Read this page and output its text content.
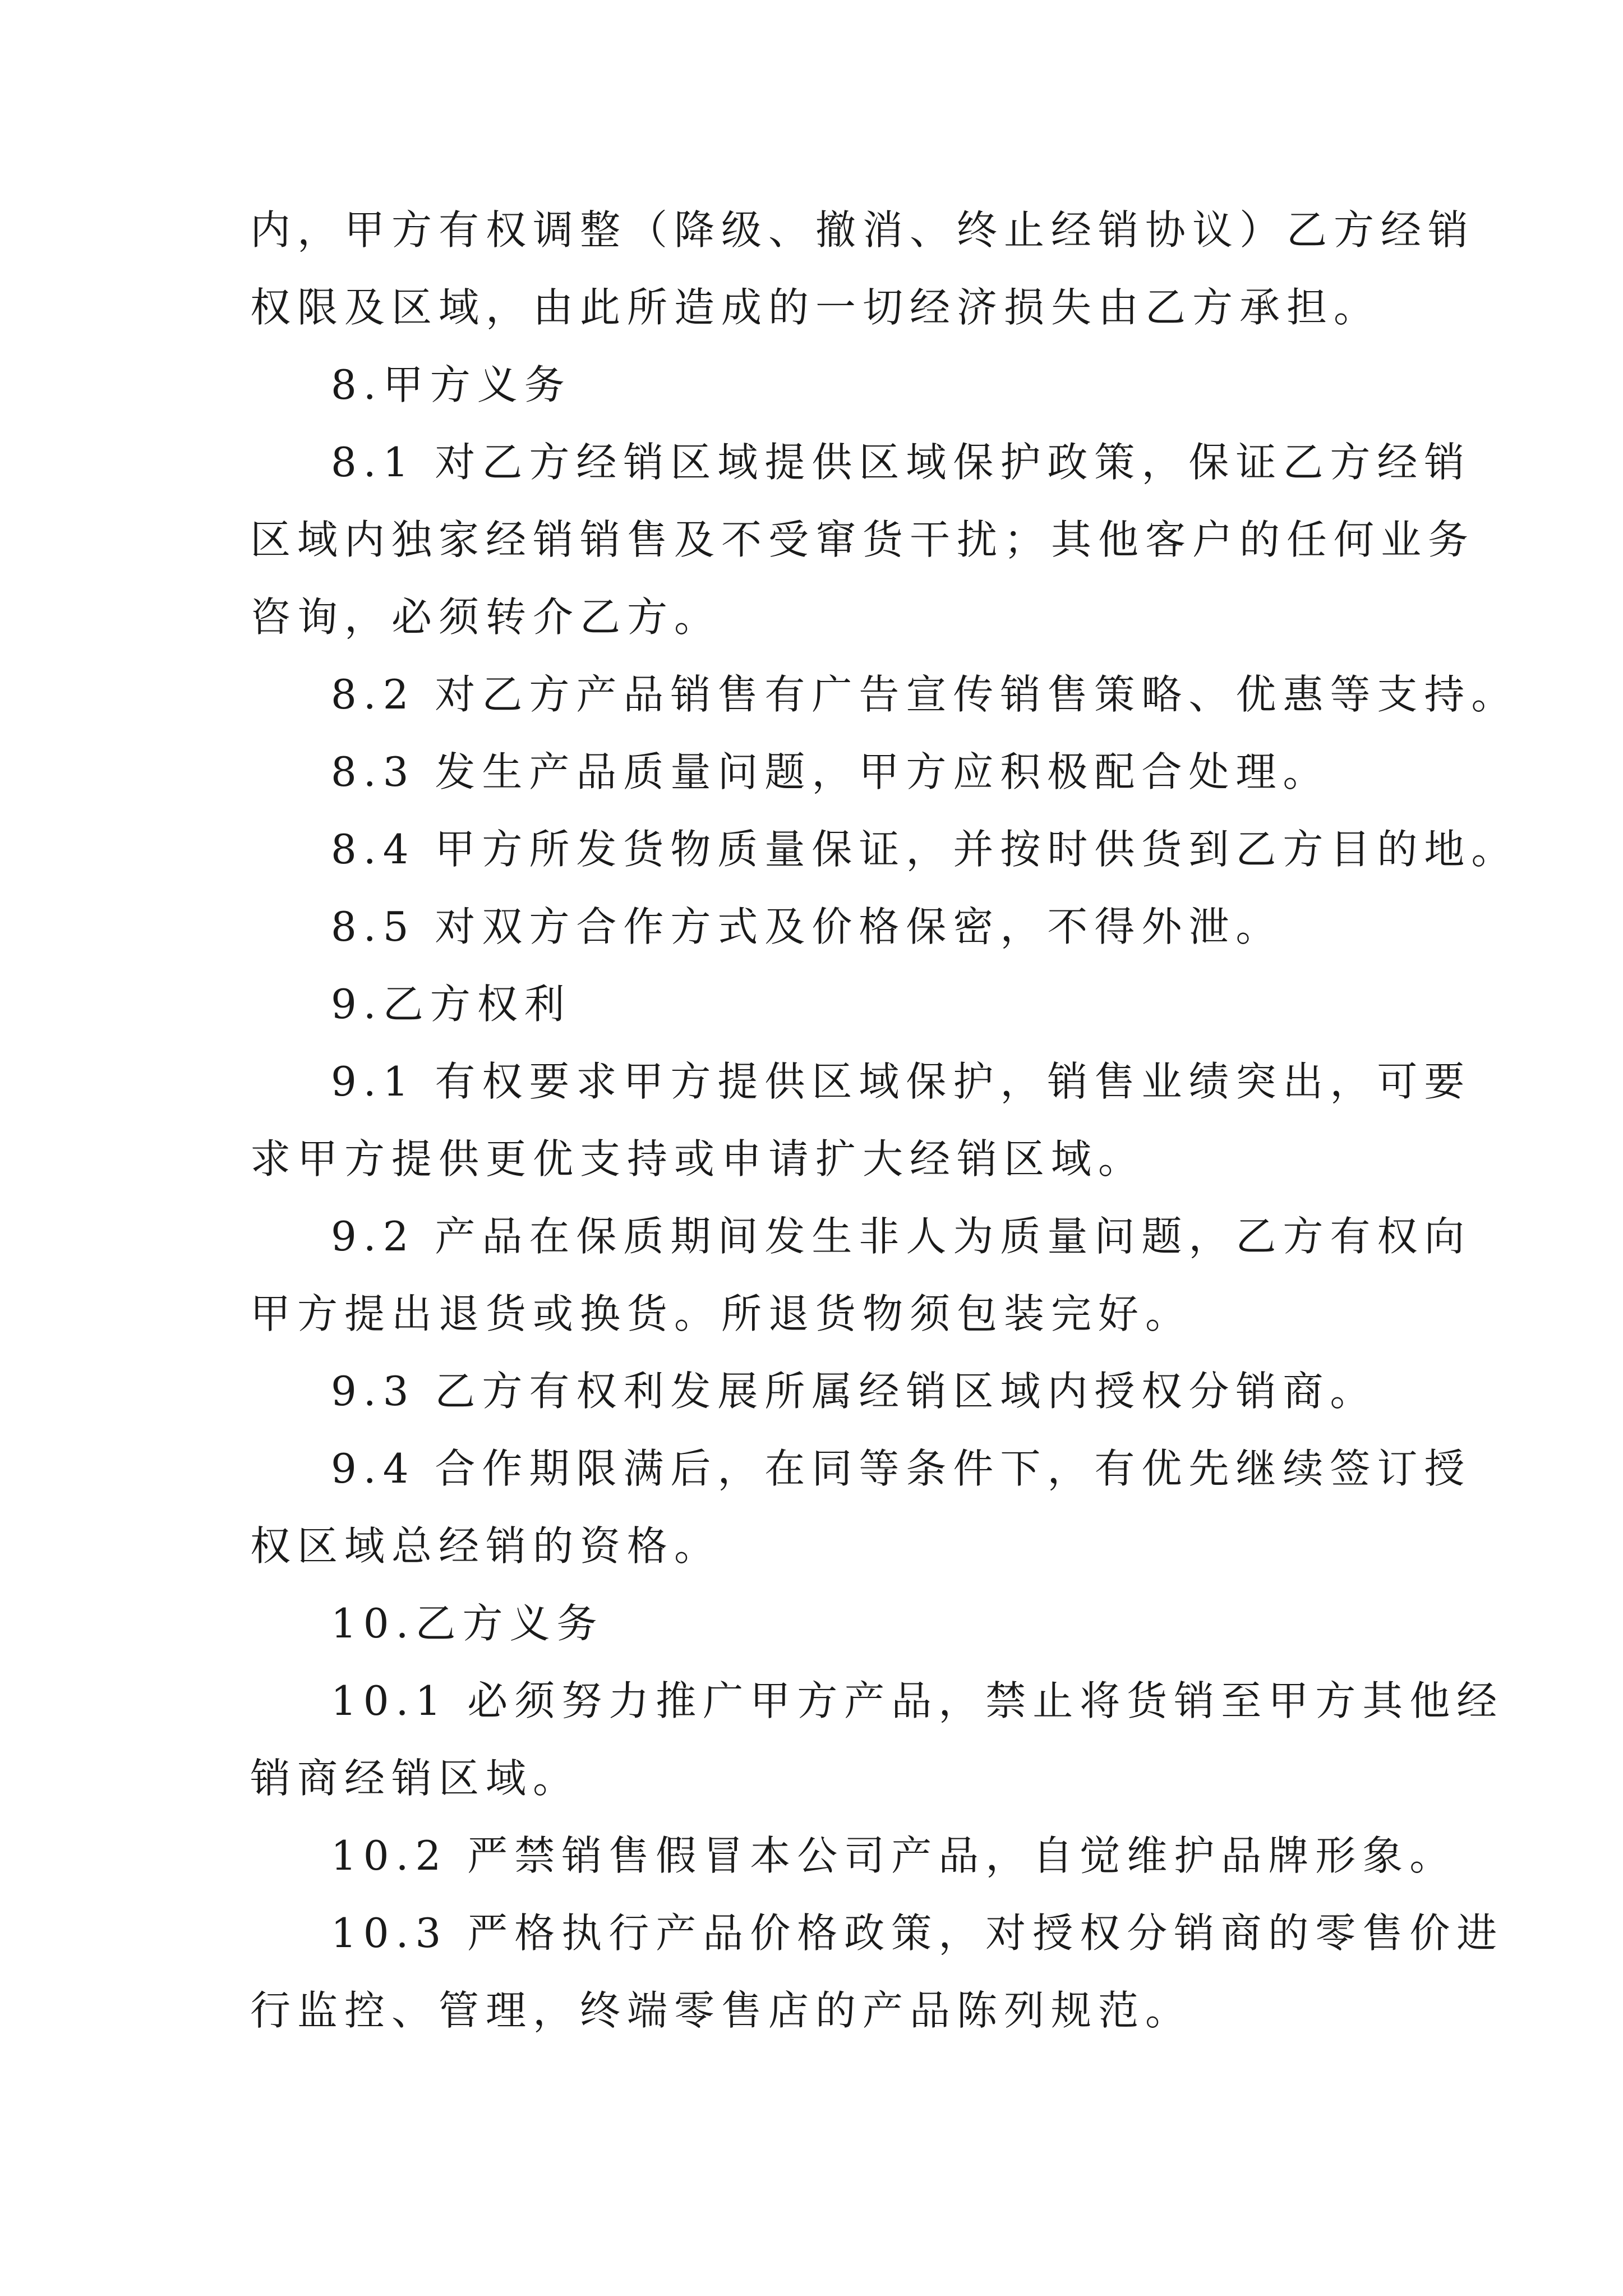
内，甲方有权调整（降级、撤消、终止经销协议）乙方经销
权限及区域，由此所造成的一切经济损失由乙方承担。
8.甲方义务
8.1 对乙方经销区域提供区域保护政策，保证乙方经销
区域内独家经销销售及不受窜货干扰；其他客户的任何业务
咨询，必须转介乙方。
8.2 对乙方产品销售有广告宣传销售策略、优惠等支持。
8.3 发生产品质量问题，甲方应积极配合处理。
8.4 甲方所发货物质量保证，并按时供货到乙方目的地。
8.5 对双方合作方式及价格保密，不得外泄。
9.乙方权利
9.1 有权要求甲方提供区域保护，销售业绩突出，可要
求甲方提供更优支持或申请扩大经销区域。
9.2 产品在保质期间发生非人为质量问题，乙方有权向
甲方提出退货或换货。所退货物须包装完好。
9.3 乙方有权利发展所属经销区域内授权分销商。
9.4 合作期限满后，在同等条件下，有优先继续签订授
权区域总经销的资格。
10.乙方义务
10.1 必须努力推广甲方产品，禁止将货销至甲方其他经
销商经销区域。
10.2 严禁销售假冒本公司产品，自觉维护品牌形象。
10.3 严格执行产品价格政策，对授权分销商的零售价进
行监控、管理，终端零售店的产品陈列规范。
